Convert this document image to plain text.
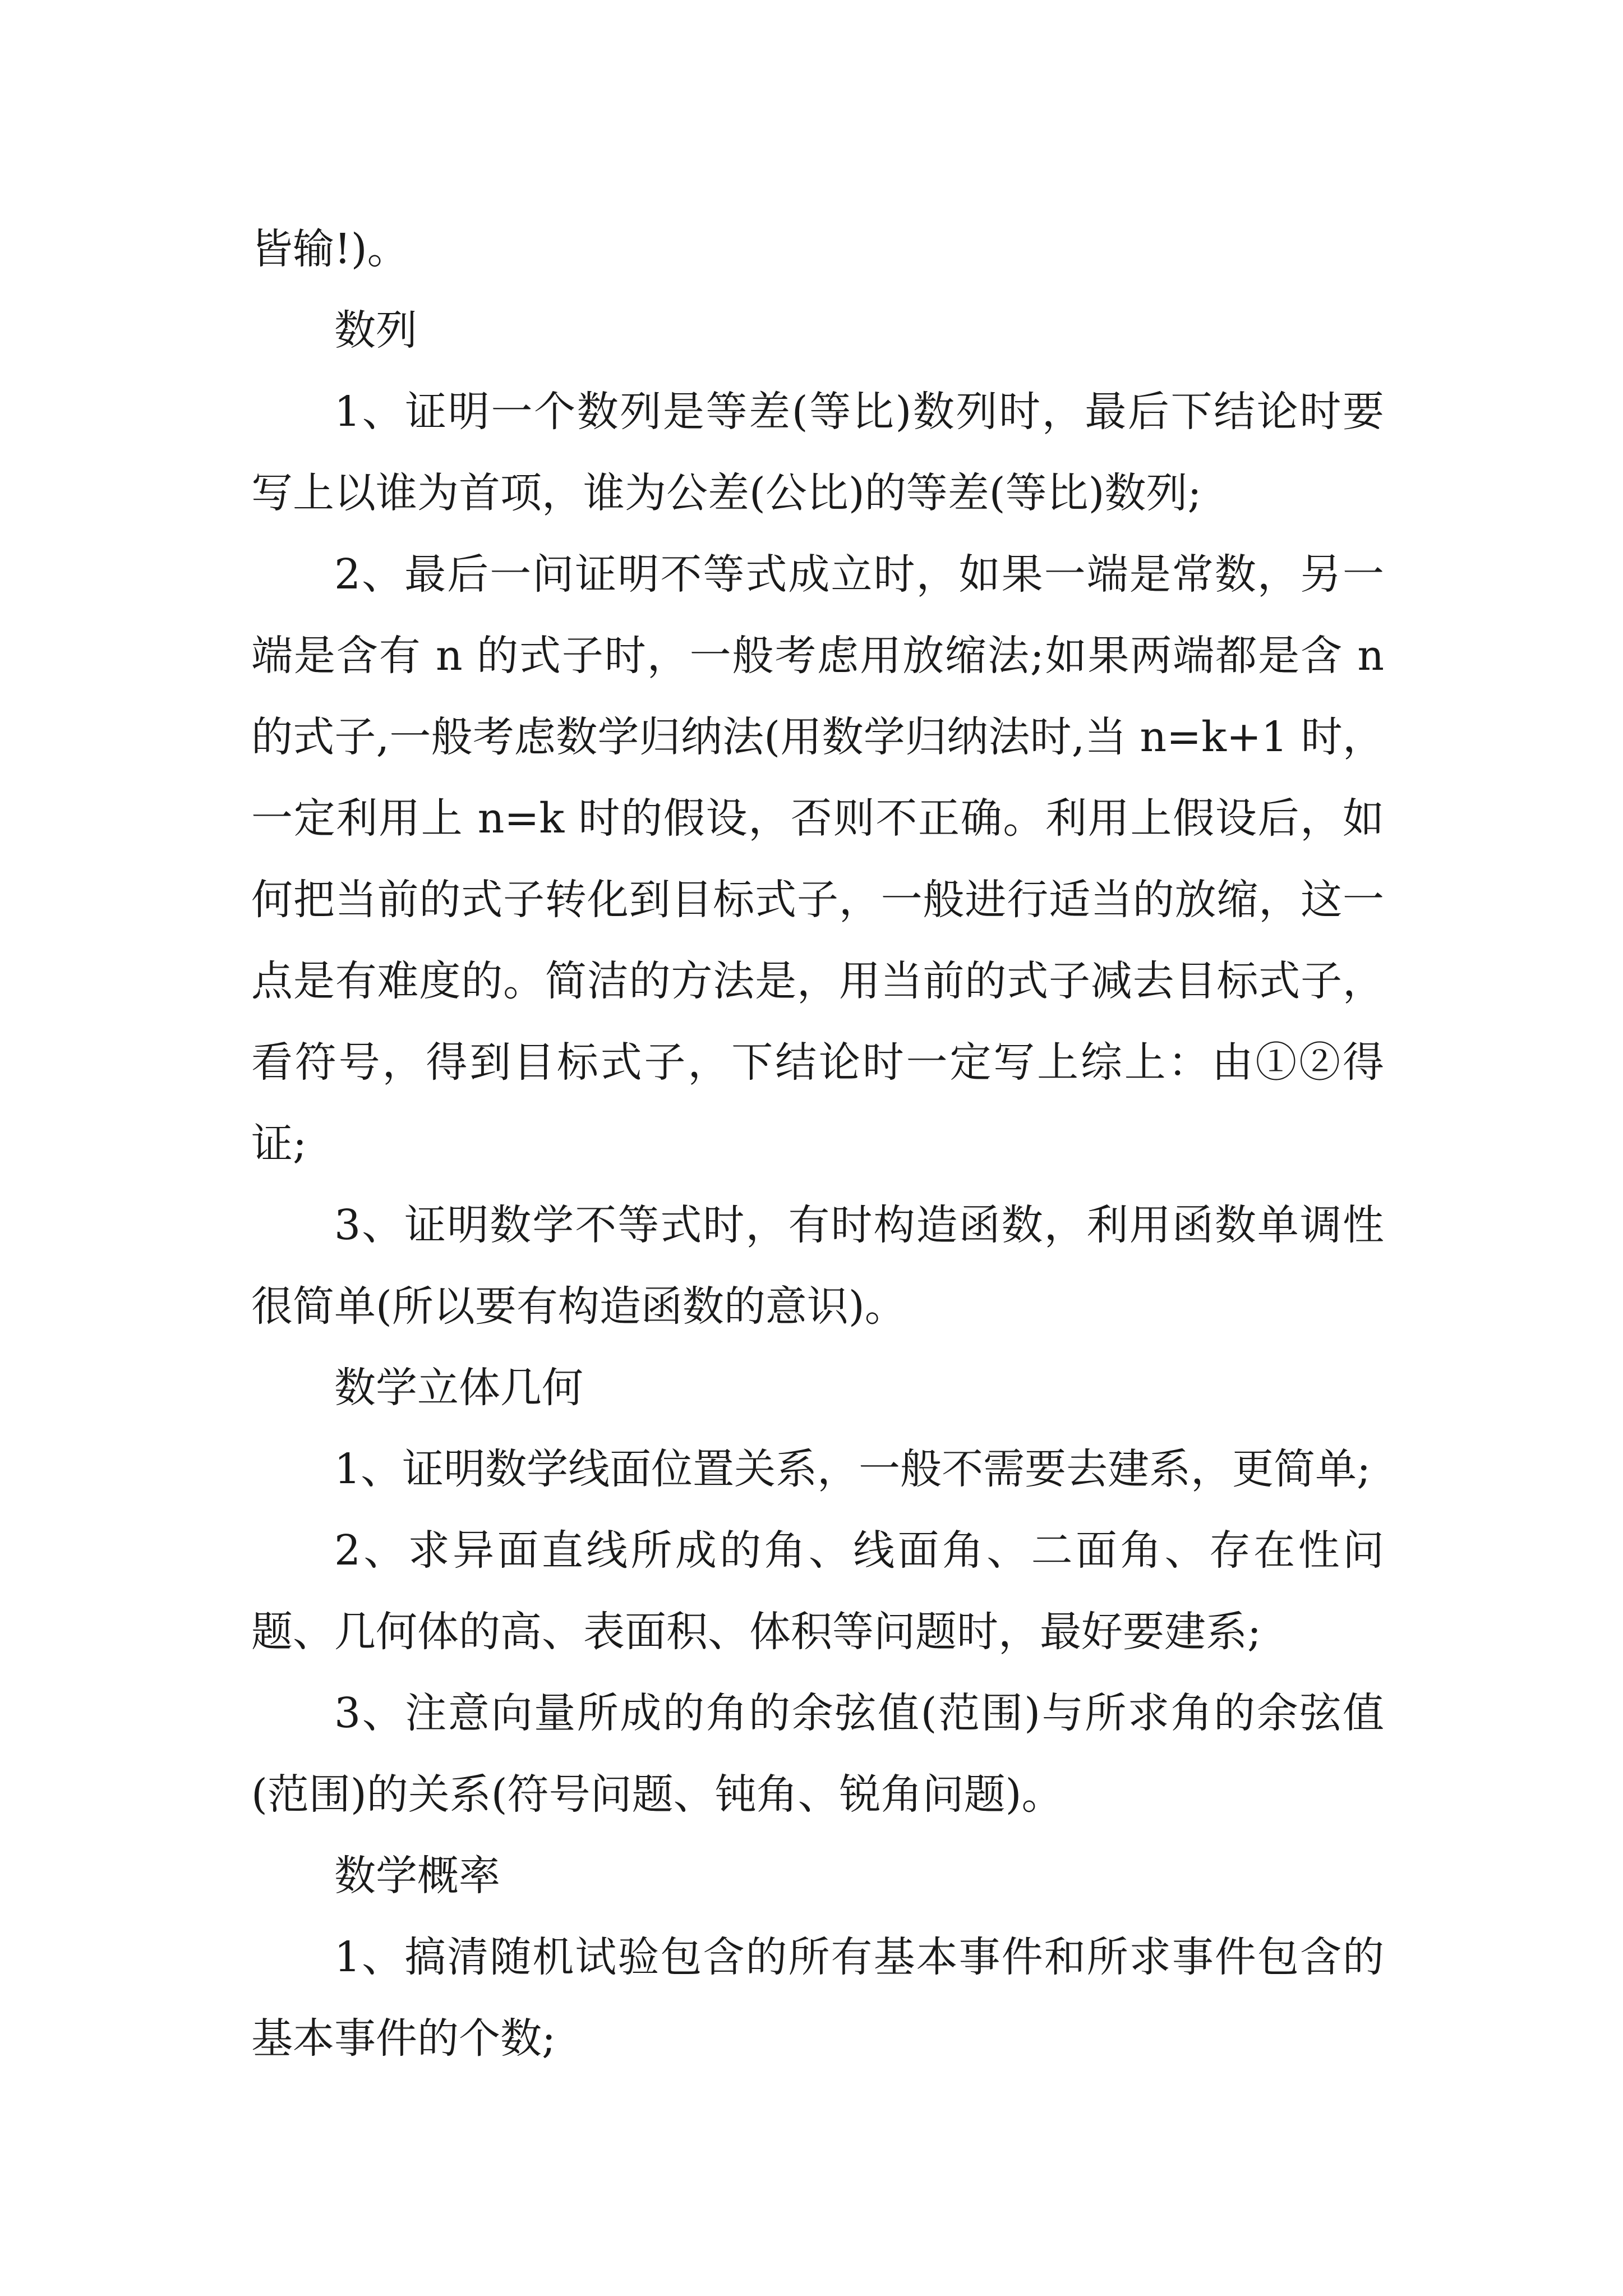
皆输!)。

数列

1、证明一个数列是等差(等比)数列时，最后下结论时要写上以谁为首项，谁为公差(公比)的等差(等比)数列;

2、最后一问证明不等式成立时，如果一端是常数，另一端是含有 n 的式子时，一般考虑用放缩法;如果两端都是含 n 的式子,一般考虑数学归纳法(用数学归纳法时,当 n=k+1 时，一定利用上 n=k 时的假设，否则不正确。利用上假设后，如何把当前的式子转化到目标式子，一般进行适当的放缩，这一点是有难度的。简洁的方法是，用当前的式子减去目标式子，看符号，得到目标式子，下结论时一定写上综上：由①②得证;

3、证明数学不等式时，有时构造函数，利用函数单调性很简单(所以要有构造函数的意识)。

数学立体几何

1、证明数学线面位置关系，一般不需要去建系，更简单;

2、求异面直线所成的角、线面角、二面角、存在性问题、几何体的高、表面积、体积等问题时，最好要建系;

3、注意向量所成的角的余弦值(范围)与所求角的余弦值(范围)的关系(符号问题、钝角、锐角问题)。

数学概率

1、搞清随机试验包含的所有基本事件和所求事件包含的基本事件的个数;
